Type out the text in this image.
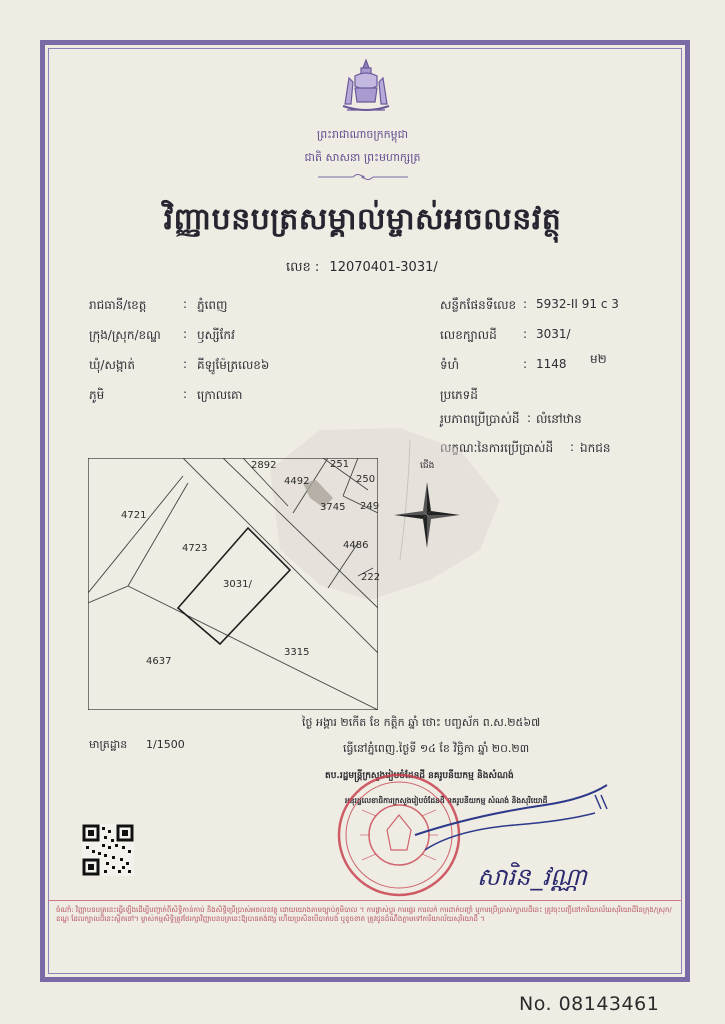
ព្រះរាជាណាចក្រកម្ពុជា
ជាតិ សាសនា ព្រះមហាក្សត្រ
វិញ្ញាបនបត្រសម្គាល់ម្ចាស់អចលនវត្ថុ
លេខ : 12070401-3031/
រាជធានី/ខេត្ត	: ភ្នំពេញ
ក្រុង/ស្រុក/ខណ្ឌ : ឫស្សីកែវ
ឃុំ/សង្កាត់	: គីឡូម៉ែត្រលេខ៦
ភូមិ	: ក្រោលគោ
សន្លឹកផែនទីលេខ : 5932-II 91 c 3
លេខក្បាលដី : 3031/
ទំហំ	: 1148 ម២
ប្រភេទដី
រូបភាពប្រើប្រាស់ដី : លំនៅឋាន
លក្ខណៈនៃការប្រើប្រាស់ដី : ឯកជន
2892	251
4492	250
3745 249
4721
4723	4486
3031/
222
3315
4637
ជើង
មាត្រដ្ឋាន 1/1500
ថ្ងៃ អង្គារ ២កើត ខែ កត្តិក ឆ្នាំ ថោះ បញ្ចស័ក ព.ស.២៥៦៧
ធ្វើនៅភ្នំពេញ.ថ្ងៃទី ១៤ ខែ វិច្ឆិកា ឆ្នាំ ២០.២៣
តប.រដ្ឋមន្ត្រីក្រសួងរៀបចំដែនដី នគរូបនីយកម្ម និងសំណង់
អនុរដ្ឋលេខាធិការក្រសួងរៀបចំដែនដី នគរូបនីយកម្ម សំណង់ និងសុរិយោដី
សារិន_វណ្ណា
ចំណាំ: វិញ្ញាបនបត្រនេះធ្វើឡើងដើម្បីបញ្ជាក់ពីសិទ្ធិកាន់កាប់ និងសិទ្ធិប្រើប្រាស់អចលនវត្ថុ ដោយយោងតាមច្បាប់ភូមិបាល ។ ការផ្លាស់ប្តូរ ការផ្ទេរ ការលក់ ការដាក់បញ្ចាំ ឬការប្រើប្រាស់ក្បាលដីនេះ ត្រូវចុះបញ្ជីនៅការិយាល័យសុរិយោដីនៃក្រុង/ស្រុក/ខណ្ឌ ដែលក្បាលដីនេះស្ថិតនៅ។ ម្ចាស់កម្មសិទ្ធិត្រូវថែរក្សាវិញ្ញាបនបត្រនេះឱ្យបានគង់វង្ស ហើយប្រសិនបើបាត់បង់ ឬខូចខាត ត្រូវជូនដំណឹងភ្លាមទៅការិយាល័យសុរិយោដី ។
No. 08143461
